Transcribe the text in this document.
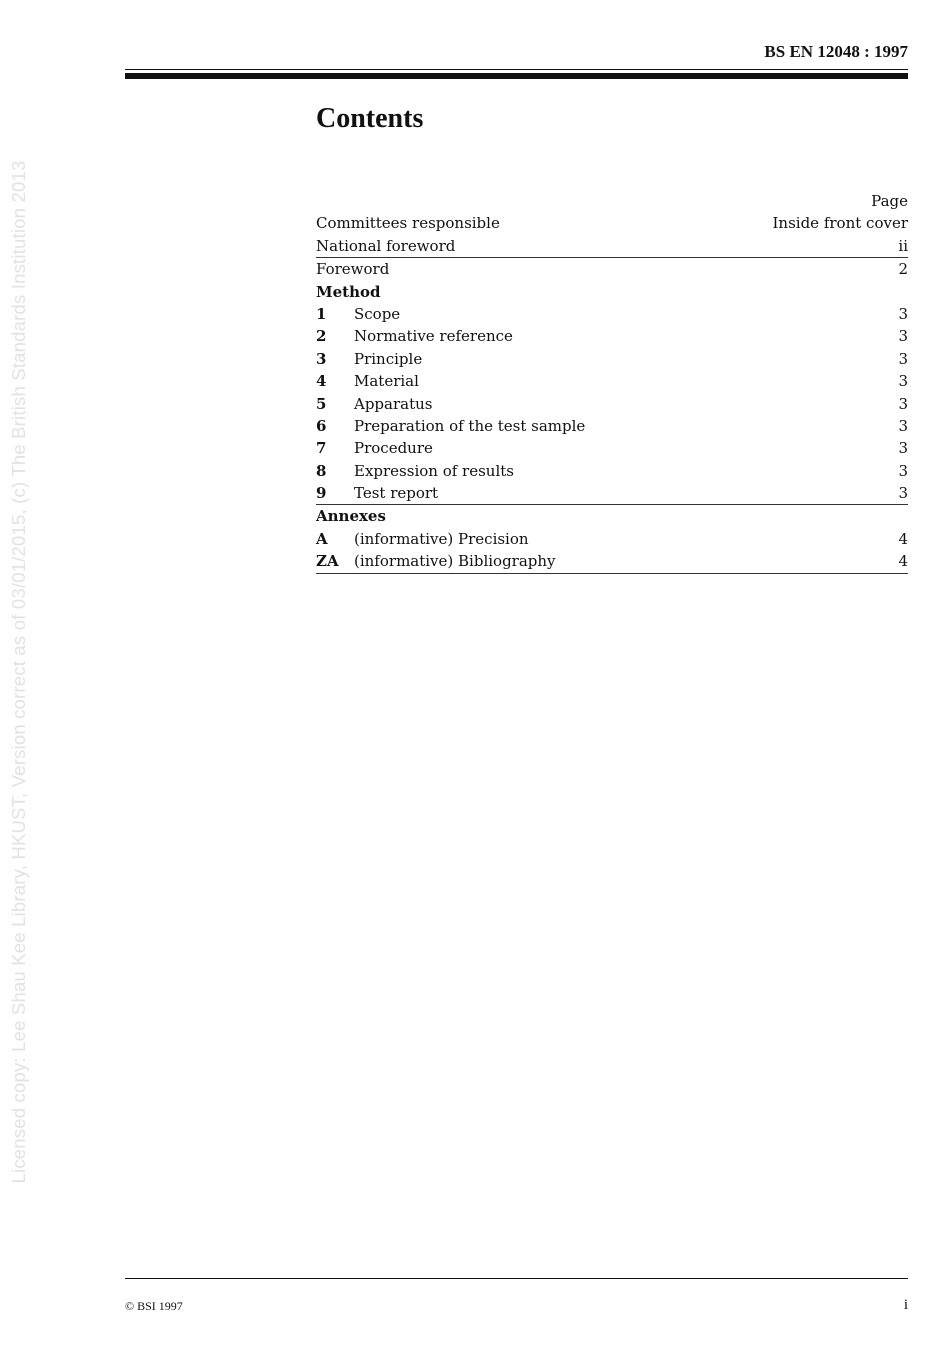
Licensed copy: Lee Shau Kee Library, HKUST, Version correct as of 03/01/2015, (c) The British Standards Institution 2013
BS EN 12048 : 1997
Contents
Page
Committees responsible	Inside front cover
National foreword	ii
Foreword	2
Method
1	Scope	3
2	Normative reference	3
3	Principle	3
4	Material	3
5	Apparatus	3
6	Preparation of the test sample	3
7	Procedure	3
8	Expression of results	3
9	Test report	3
Annexes
A	(informative) Precision	4
ZA	(informative) Bibliography	4
© BSI 1997	i
